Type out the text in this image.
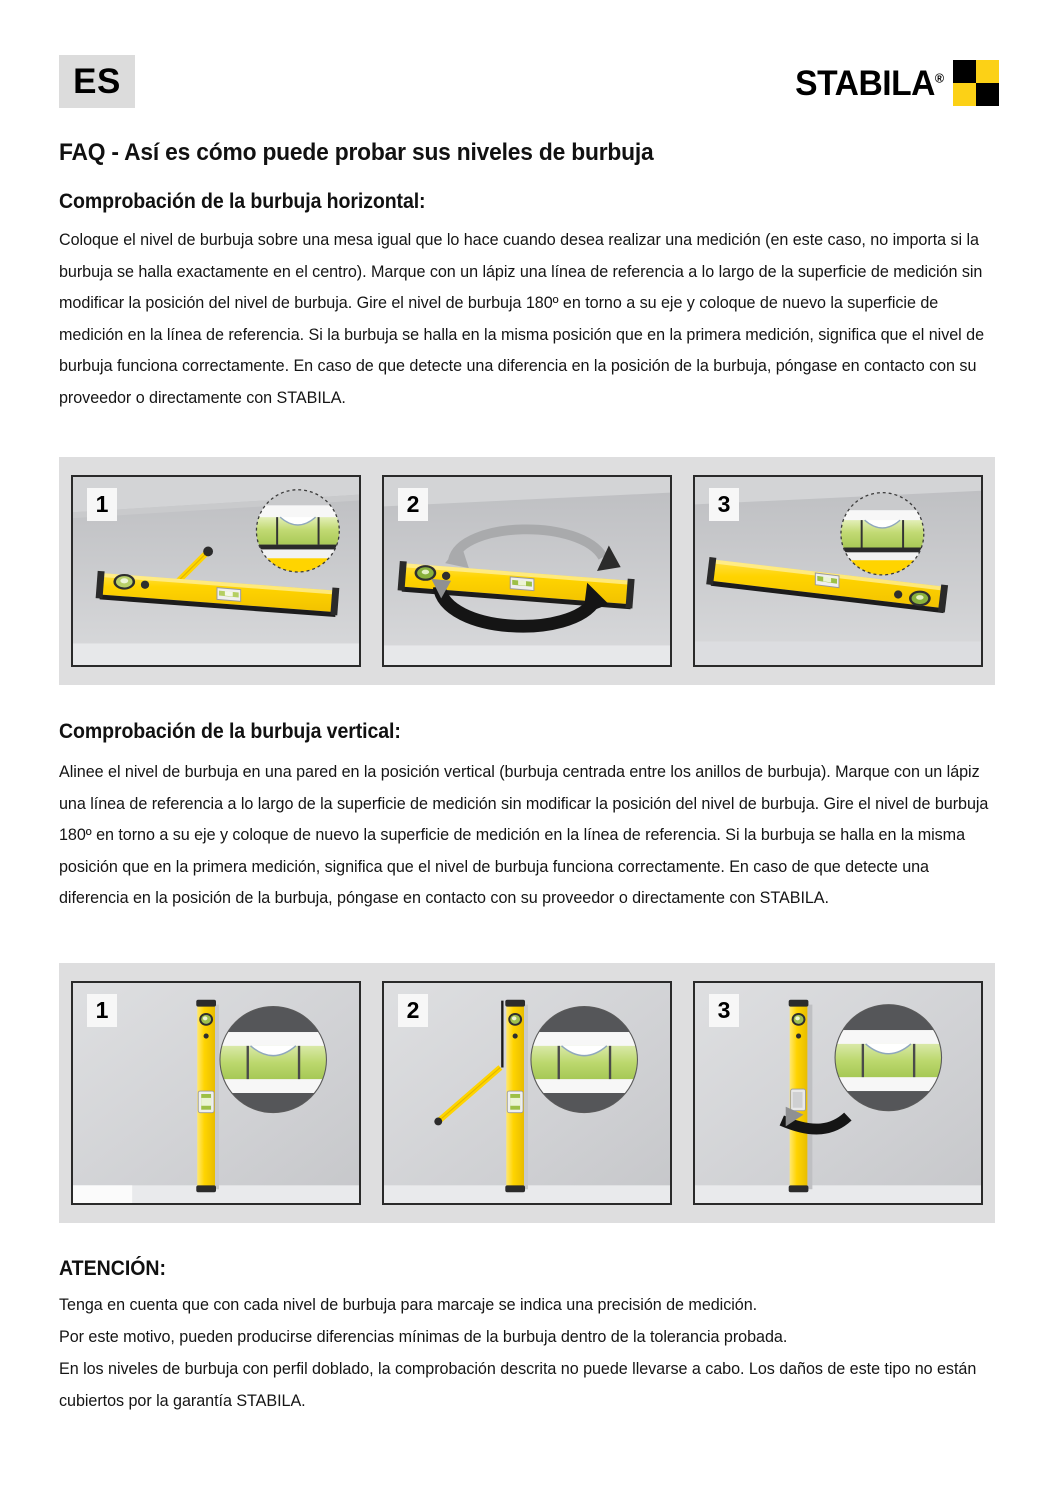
ES	STABILA®
FAQ - Así es cómo puede probar sus niveles de burbuja
Comprobación de la burbuja horizontal:

Coloque el nivel de burbuja sobre una mesa igual que lo hace cuando desea realizar una medición (en este caso, no importa si la burbuja se halla exactamente en el centro). Marque con un lápiz una línea de referencia a lo largo de la superficie de medición sin modificar la posición del nivel de burbuja. Gire el nivel de burbuja 180º en torno a su eje y coloque de nuevo la superficie de medición en la línea de referencia. Si la burbuja se halla en la misma posición que en la primera medición, significa que el nivel de burbuja funciona correctamente. En caso de que detecte una diferencia en la posición de la burbuja, póngase en contacto con su proveedor o directamente con STABILA.

1	2	3
Comprobación de la burbuja vertical:

Alinee el nivel de burbuja en una pared en la posición vertical (burbuja centrada entre los anillos de burbuja). Marque con un lápiz una línea de referencia a lo largo de la superficie de medición sin modificar la posición del nivel de burbuja. Gire el nivel de burbuja 180º en torno a su eje y coloque de nuevo la superficie de medición en la línea de referencia. Si la burbuja se halla en la misma posición que en la primera medición, significa que el nivel de burbuja funciona correctamente. En caso de que detecte una diferencia en la posición de la burbuja, póngase en contacto con su proveedor o directamente con STABILA.

1	2	3
ATENCIÓN:

Tenga en cuenta que con cada nivel de burbuja para marcaje se indica una precisión de medición.

Por este motivo, pueden producirse diferencias mínimas de la burbuja dentro de la tolerancia probada.

En los niveles de burbuja con perfil doblado, la comprobación descrita no puede llevarse a cabo. Los daños de este tipo no están cubiertos por la garantía STABILA.
